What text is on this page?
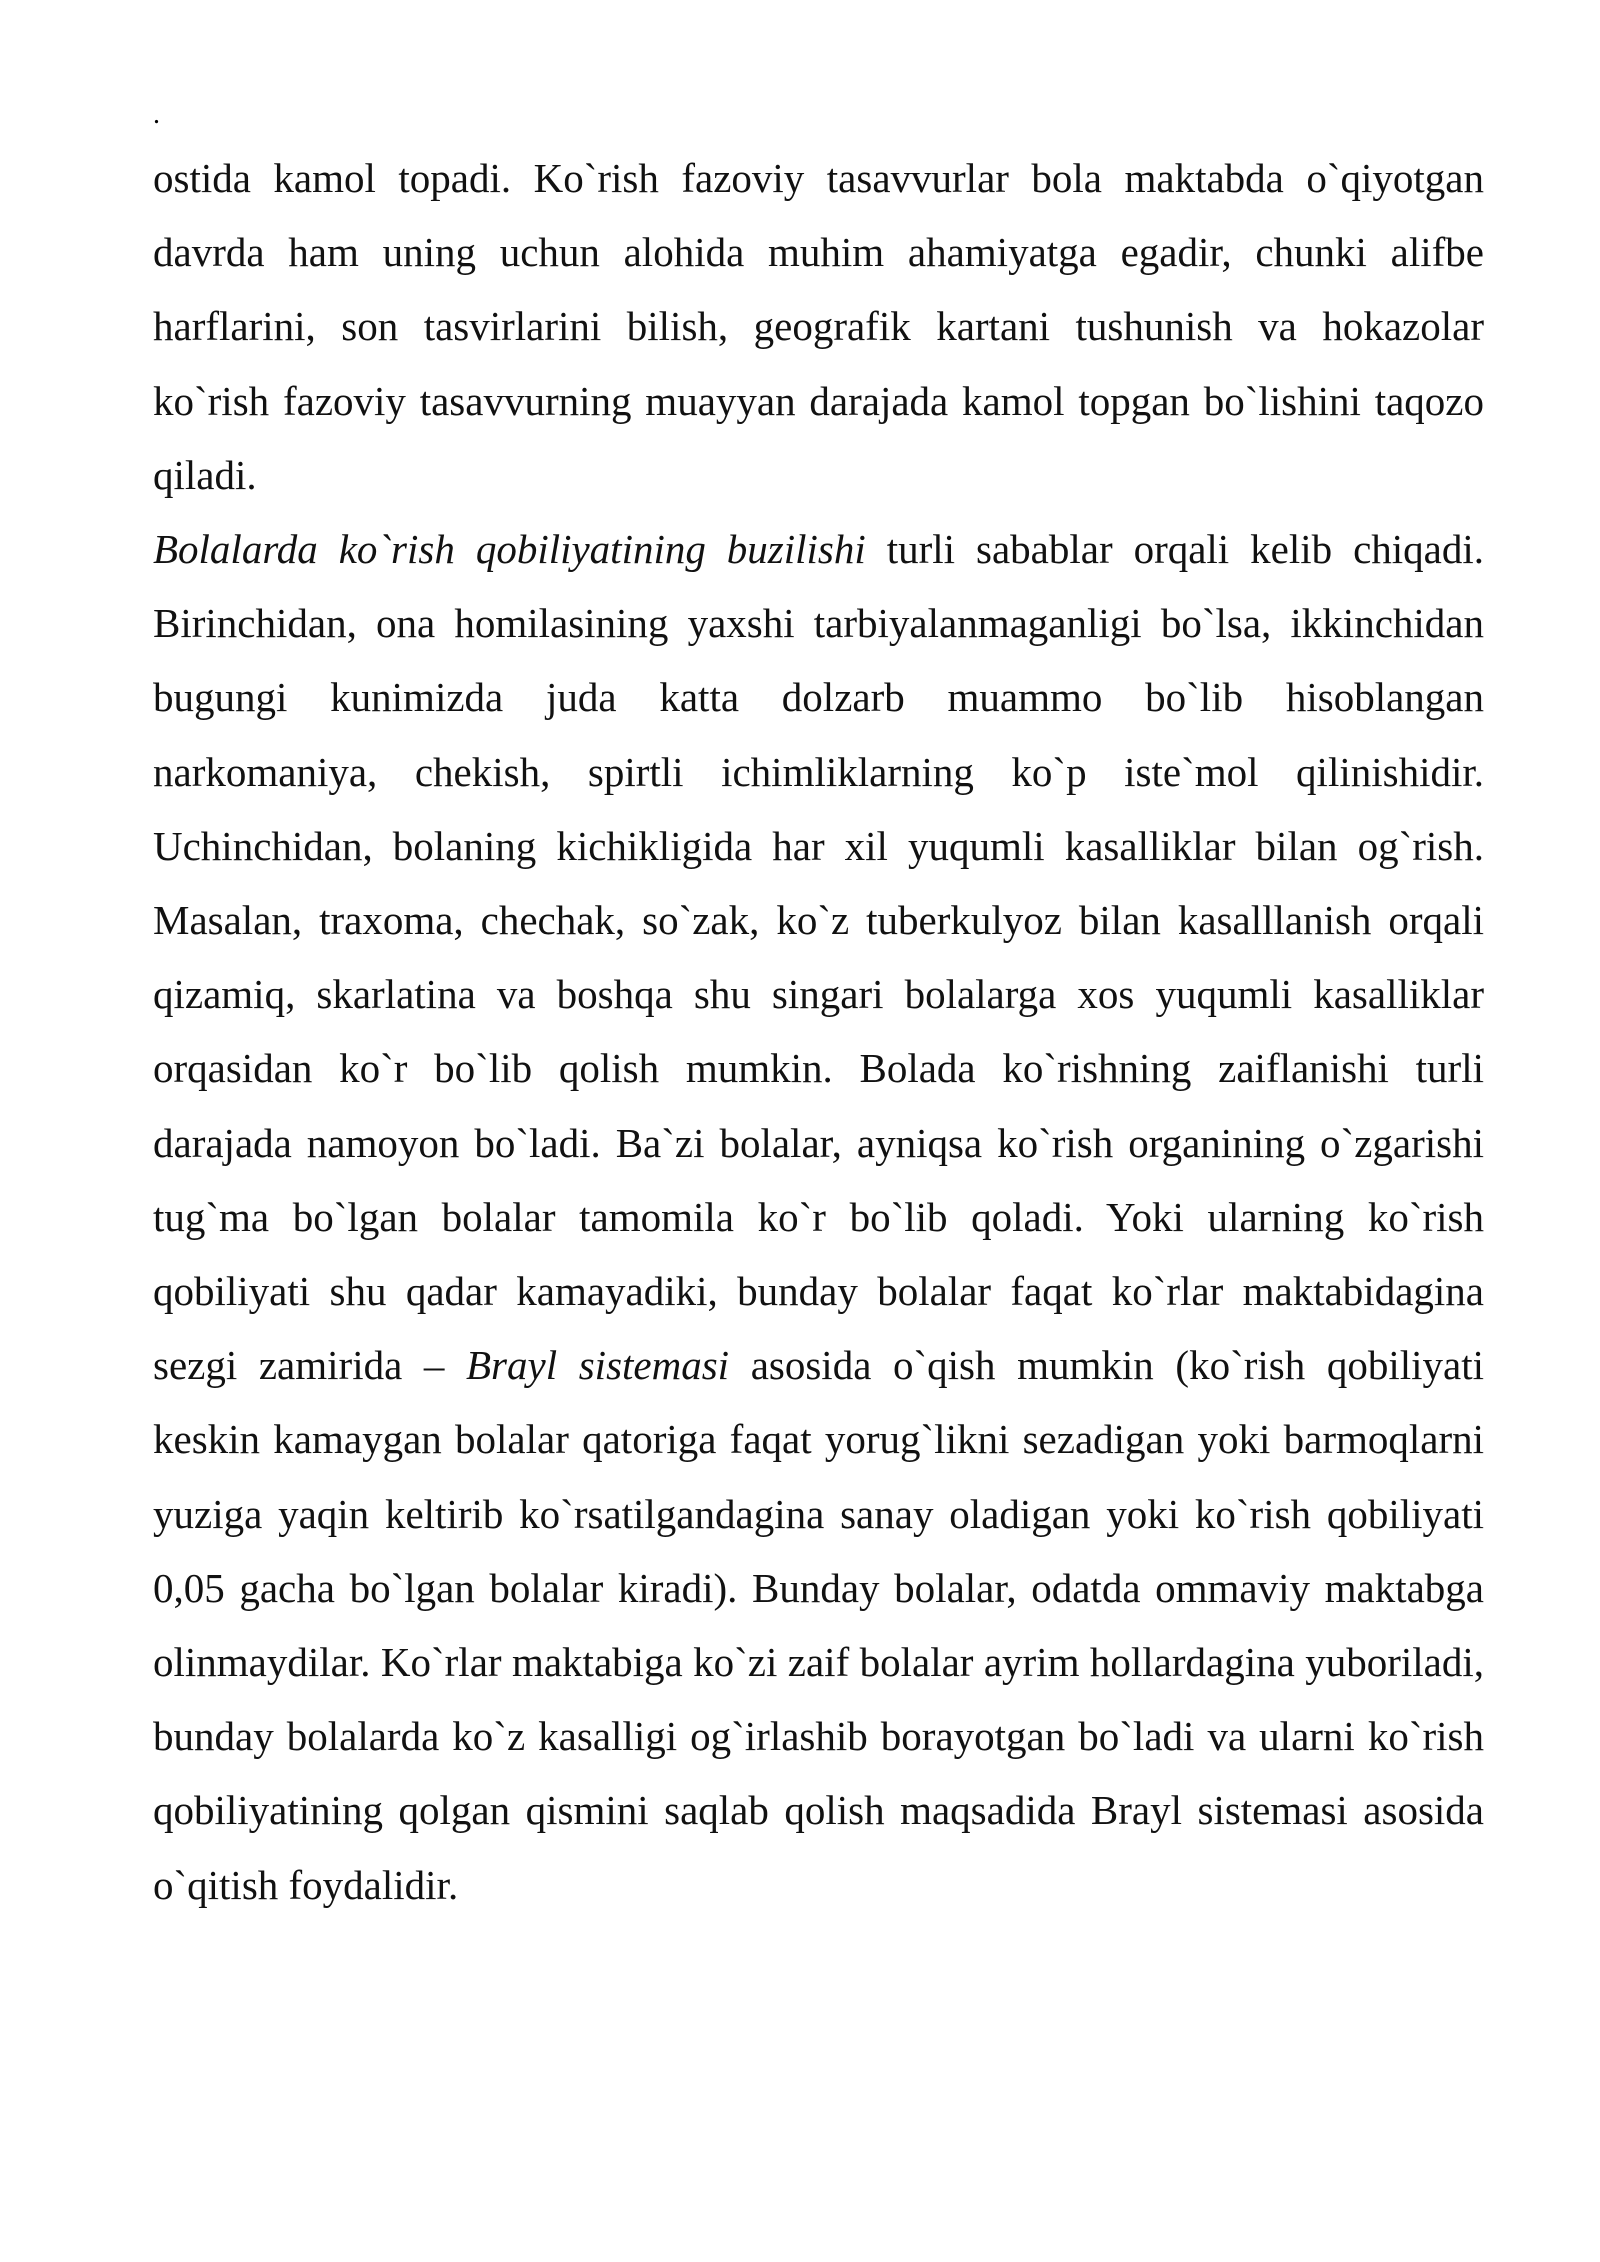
.

ostida kamol topadi. Ko`rish fazoviy tasavvurlar bola maktabda o`qiyotgan davrda ham uning uchun alohida muhim ahamiyatga egadir, chunki alifbe harflarini, son tasvirlarini bilish, geografik kartani tushunish va hokazolar ko`rish fazoviy tasavvurning muayyan darajada kamol topgan bo`lishini taqozo qiladi.

Bolalarda ko`rish qobiliyatining buzilishi turli sabablar orqali kelib chiqadi. Birinchidan, ona homilasining yaxshi tarbiyalanmaganligi bo`lsa, ikkinchidan bugungi kunimizda juda katta dolzarb muammo bo`lib hisoblangan narkomaniya, chekish, spirtli ichimliklarning ko`p iste`mol qilinishidir. Uchinchidan, bolaning kichikligida har xil yuqumli kasalliklar bilan og`rish. Masalan, traxoma, chechak, so`zak, ko`z tuberkulyoz bilan kasalllanish orqali qizamiq, skarlatina va boshqa shu singari bolalarga xos yuqumli kasalliklar orqasidan ko`r bo`lib qolish mumkin. Bolada ko`rishning zaiflanishi turli darajada namoyon bo`ladi. Ba`zi bolalar, ayniqsa ko`rish organining o`zgarishi tug`ma bo`lgan bolalar tamomila ko`r bo`lib qoladi. Yoki ularning ko`rish qobiliyati shu qadar kamayadiki, bunday bolalar faqat ko`rlar maktabidagina sezgi zamirida – Brayl sistemasi asosida o`qish mumkin (ko`rish qobiliyati keskin kamaygan bolalar qatoriga faqat yorug`likni sezadigan yoki barmoqlarni yuziga yaqin keltirib ko`rsatilgandagina sanay oladigan yoki ko`rish qobiliyati 0,05 gacha bo`lgan bolalar kiradi). Bunday bolalar, odatda ommaviy maktabga olinmaydilar. Ko`rlar maktabiga ko`zi zaif bolalar ayrim hollardagina yuboriladi, bunday bolalarda ko`z kasalligi og`irlashib borayotgan bo`ladi va ularni ko`rish qobiliyatining qolgan qismini saqlab qolish maqsadida Brayl sistemasi asosida o`qitish foydalidir.
